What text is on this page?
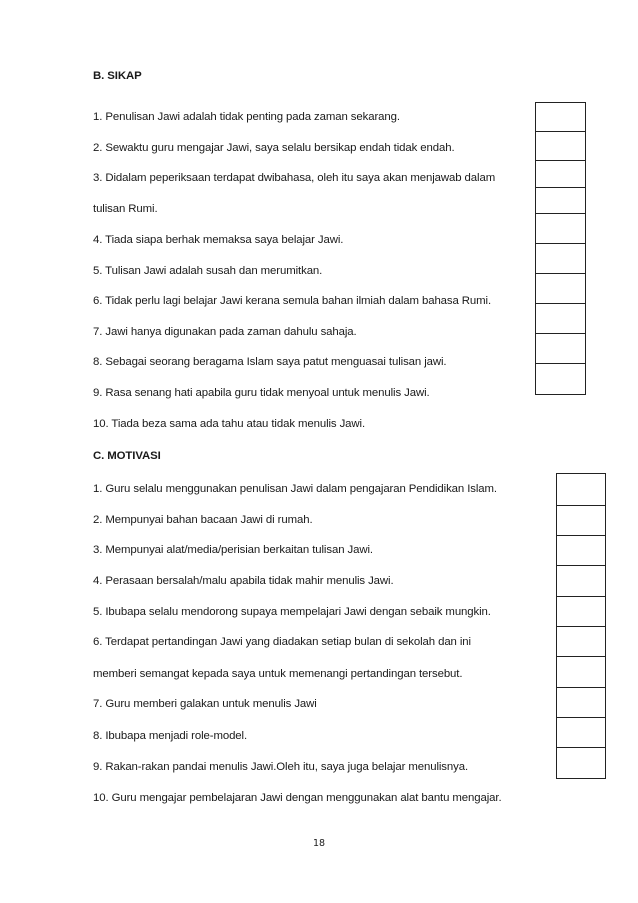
B. SIKAP
1. Penulisan Jawi adalah tidak penting pada zaman sekarang.
2. Sewaktu guru mengajar Jawi, saya selalu bersikap endah tidak endah.
3. Didalam peperiksaan terdapat dwibahasa, oleh itu saya akan menjawab dalam
tulisan Rumi.
4. Tiada siapa berhak memaksa saya belajar Jawi.
5. Tulisan Jawi adalah susah dan merumitkan.
6. Tidak perlu lagi belajar Jawi kerana semula bahan ilmiah dalam bahasa Rumi.
7. Jawi hanya digunakan pada zaman dahulu sahaja.
8. Sebagai seorang beragama Islam saya patut menguasai tulisan jawi.
9. Rasa senang hati apabila guru tidak menyoal untuk menulis Jawi.
10. Tiada beza sama ada tahu atau tidak menulis Jawi.
C. MOTIVASI
1. Guru selalu menggunakan penulisan Jawi dalam pengajaran Pendidikan Islam.
2. Mempunyai bahan bacaan Jawi di rumah.
3. Mempunyai alat/media/perisian berkaitan tulisan Jawi.
4. Perasaan bersalah/malu apabila tidak mahir menulis Jawi.
5. Ibubapa selalu mendorong supaya mempelajari Jawi dengan sebaik mungkin.
6. Terdapat pertandingan Jawi yang diadakan setiap bulan di sekolah dan ini
memberi semangat kepada saya untuk memenangi pertandingan tersebut.
7. Guru memberi galakan untuk menulis Jawi
8. Ibubapa menjadi role-model.
9. Rakan-rakan pandai menulis Jawi.Oleh itu, saya juga belajar menulisnya.
10. Guru mengajar pembelajaran Jawi dengan menggunakan alat bantu mengajar.
18
